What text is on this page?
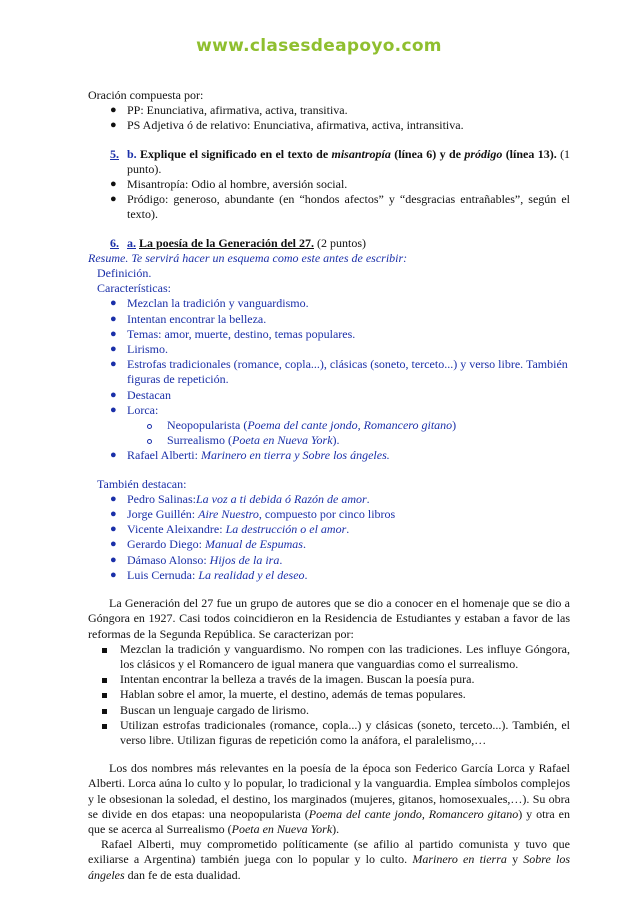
www.clasesdeapoyo.com

Oración compuesta por:

● PP: Enunciativa, afirmativa, activa, transitiva.
● PS Adjetiva ó de relativo: Enunciativa, afirmativa, activa, intransitiva.
5. b. Explique el significado en el texto de misantropía (línea 6) y de pródigo (línea 13). (1 punto).
● Misantropía: Odio al hombre, aversión social.
● Pródigo: generoso, abundante (en “hondos afectos” y “desgracias entrañables”, según el texto).
6. a. La poesía de la Generación del 27. (2 puntos)

Resume. Te servirá hacer un esquema como este antes de escribir:

Definición.

Características:

● Mezclan la tradición y vanguardismo.
● Intentan encontrar la belleza.
● Temas: amor, muerte, destino, temas populares.
● Lirismo.
● Estrofas tradicionales (romance, copla...), clásicas (soneto, terceto...) y verso libre. También figuras de repetición.
● Destacan
● Lorca:
Neopopularista (Poema del cante jondo, Romancero gitano)
Surrealismo (Poeta en Nueva York).
● Rafael Alberti: Marinero en tierra y Sobre los ángeles.

También destacan:

● Pedro Salinas:La voz a ti debida ó Razón de amor.
● Jorge Guillén: Aire Nuestro, compuesto por cinco libros
● Vicente Aleixandre: La destrucción o el amor.
● Gerardo Diego: Manual de Espumas.
● Dámaso Alonso: Hijos de la ira.
● Luis Cernuda: La realidad y el deseo.

La Generación del 27 fue un grupo de autores que se dio a conocer en el homenaje que se dio a Góngora en 1927. Casi todos coincidieron en la Residencia de Estudiantes y estaban a favor de las reformas de la Segunda República. Se caracterizan por:

Mezclan la tradición y vanguardismo. No rompen con las tradiciones. Les influye Góngora, los clásicos y el Romancero de igual manera que vanguardias como el surrealismo.
Intentan encontrar la belleza a través de la imagen. Buscan la poesía pura.
Hablan sobre el amor, la muerte, el destino, además de temas populares.
Buscan un lenguaje cargado de lirismo.
Utilizan estrofas tradicionales (romance, copla...) y clásicas (soneto, terceto...). También, el verso libre. Utilizan figuras de repetición como la anáfora, el paralelismo,…

Los dos nombres más relevantes en la poesía de la época son Federico García Lorca y Rafael Alberti. Lorca aúna lo culto y lo popular, lo tradicional y la vanguardia. Emplea símbolos complejos y le obsesionan la soledad, el destino, los marginados (mujeres, gitanos, homosexuales,…). Su obra se divide en dos etapas: una neopopularista (Poema del cante jondo, Romancero gitano) y otra en que se acerca al Surrealismo (Poeta en Nueva York).

Rafael Alberti, muy comprometido políticamente (se afilio al partido comunista y tuvo que exiliarse a Argentina) también juega con lo popular y lo culto. Marinero en tierra y Sobre los ángeles dan fe de esta dualidad.
